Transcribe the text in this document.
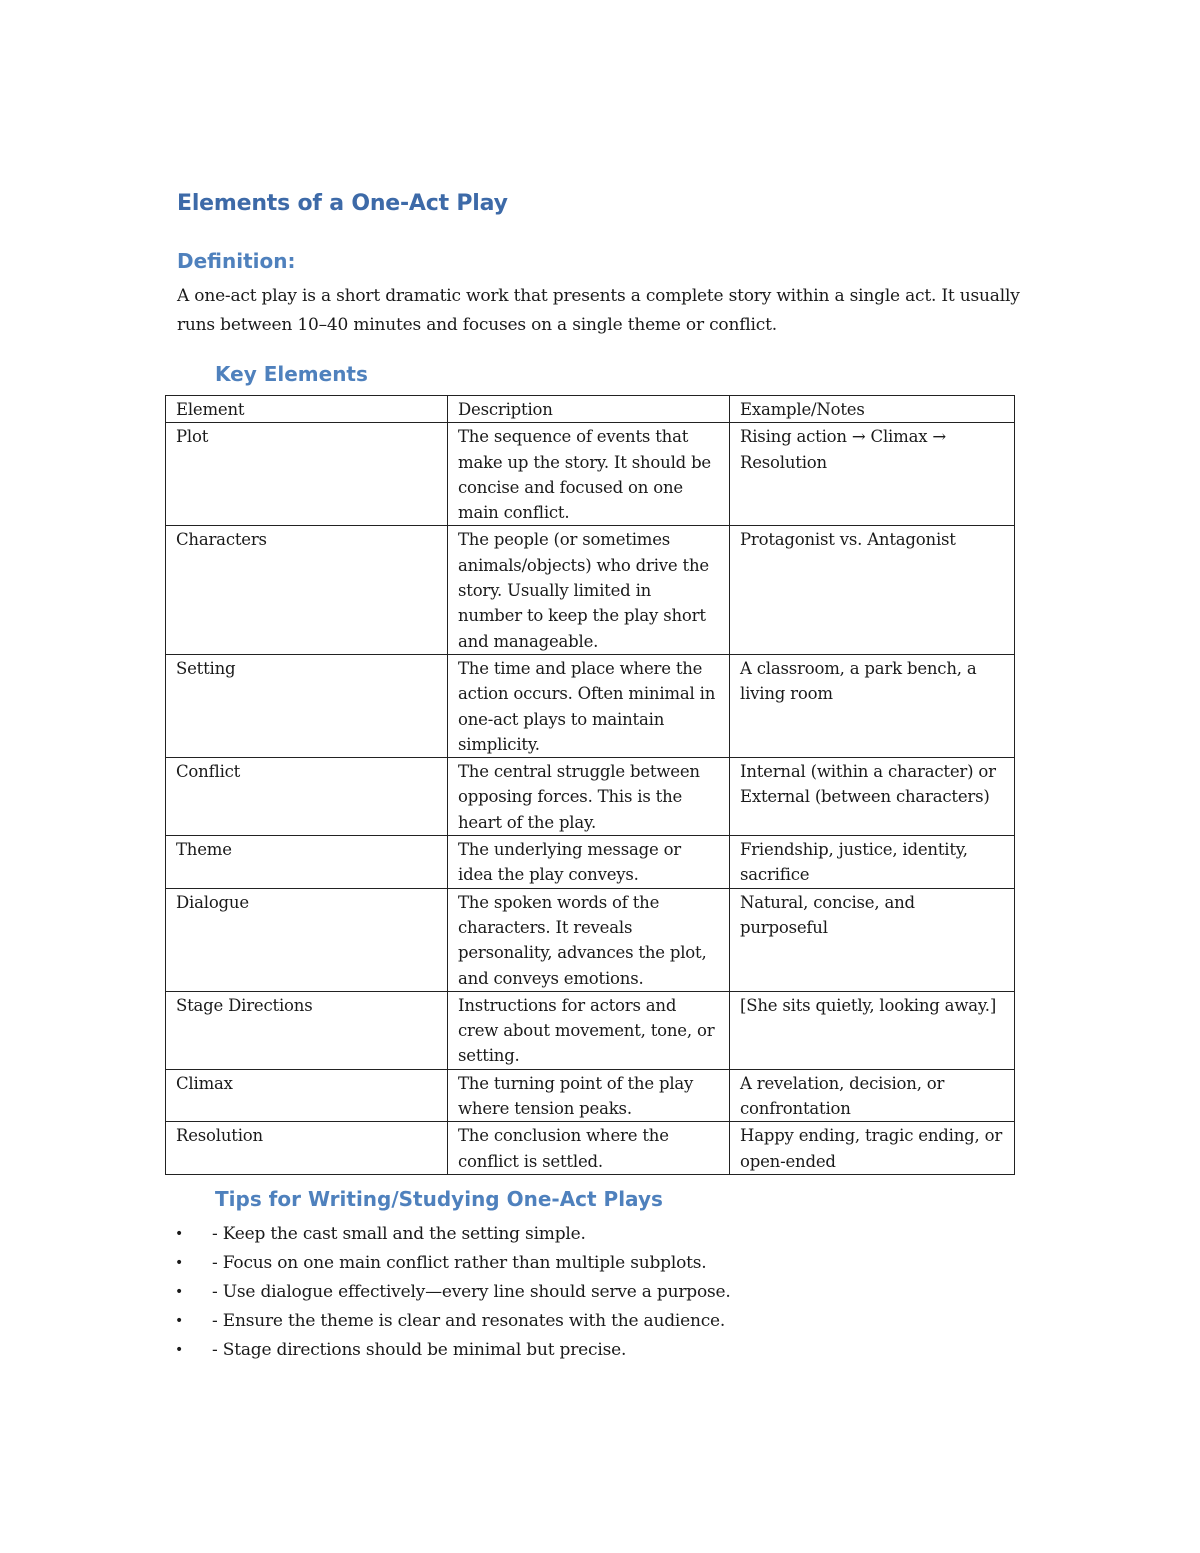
Elements of a One-Act Play
Definition:

A one-act play is a short dramatic work that presents a complete story within a single act. It usually runs between 10–40 minutes and focuses on a single theme or conflict.

Key Elements
Element	Description	Example/Notes
Plot	The sequence of events that make up the story. It should be concise and focused on one main conflict.	Rising action → Climax → Resolution
Characters	The people (or sometimes animals/objects) who drive the story. Usually limited in number to keep the play short and manageable.	Protagonist vs. Antagonist
Setting	The time and place where the action occurs. Often minimal in one-act plays to maintain simplicity.	A classroom, a park bench, a living room
Conflict	The central struggle between opposing forces. This is the heart of the play.	Internal (within a character) or External (between characters)
Theme	The underlying message or idea the play conveys.	Friendship, justice, identity, sacrifice
Dialogue	The spoken words of the characters. It reveals personality, advances the plot, and conveys emotions.	Natural, concise, and purposeful
Stage Directions	Instructions for actors and crew about movement, tone, or setting.	[She sits quietly, looking away.]
Climax	The turning point of the play where tension peaks.	A revelation, decision, or confrontation
Resolution	The conclusion where the conflict is settled.	Happy ending, tragic ending, or open-ended
Tips for Writing/Studying One-Act Plays
• - Keep the cast small and the setting simple.
• - Focus on one main conflict rather than multiple subplots.
• - Use dialogue effectively—every line should serve a purpose.
• - Ensure the theme is clear and resonates with the audience.
• - Stage directions should be minimal but precise.
